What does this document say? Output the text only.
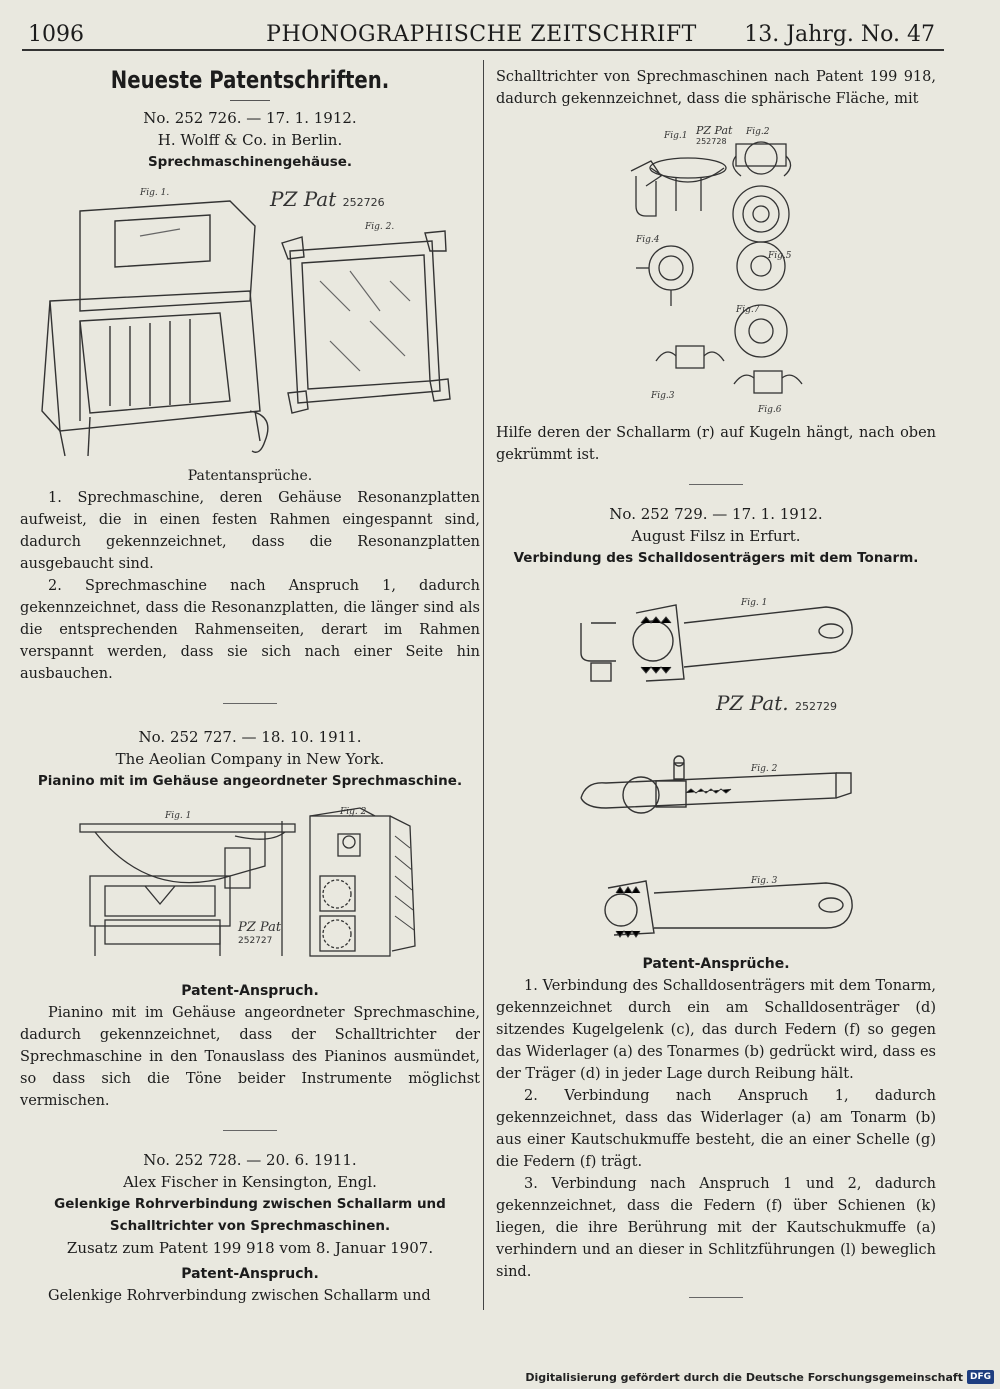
1096	PHONOGRAPHISCHE ZEITSCHRIFT	13. Jahrg. No. 47

Neueste Patentschriften.

No. 252 726. — 17. 1. 1912.

H. Wolff & Co. in Berlin.

Sprechmaschinengehäuse.

Fig. 1.
Fig. 2.
PZ Pat 252726

Patentansprüche.

1. Sprechmaschine, deren Gehäuse Resonanzplatten aufweist, die in einen festen Rahmen eingespannt sind, dadurch gekennzeichnet, dass die Resonanzplatten ausgebaucht sind.

2. Sprechmaschine nach Anspruch 1, dadurch gekennzeichnet, dass die Resonanzplatten, die länger sind als die entsprechenden Rahmenseiten, derart im Rahmen verspannt werden, dass sie sich nach einer Seite hin ausbauchen.

No. 252 727. — 18. 10. 1911.

The Aeolian Company in New York.

Pianino mit im Gehäuse angeordneter Sprechmaschine.

Fig. 1	Fig. 2
PZ Pat
252727

Patent-Anspruch.

Pianino mit im Gehäuse angeordneter Sprechmaschine, dadurch gekennzeichnet, dass der Schalltrichter der Sprechmaschine in den Tonauslass des Pianinos ausmündet, so dass sich die Töne beider Instrumente möglichst vermischen.

No. 252 728. — 20. 6. 1911.

Alex Fischer in Kensington, Engl.

Gelenkige Rohrverbindung zwischen Schallarm und Schalltrichter von Sprechmaschinen.

Zusatz zum Patent 199 918 vom 8. Januar 1907.

Patent-Anspruch.

Gelenkige Rohrverbindung zwischen Schallarm und

Schalltrichter von Sprechmaschinen nach Patent 199 918, dadurch gekennzeichnet, dass die sphärische Fläche, mit

Fig.1	Fig.2
Fig.4
Fig.5
Fig.7
Fig.3
Fig.6
PZ Pat
252728

Hilfe deren der Schallarm (r) auf Kugeln hängt, nach oben gekrümmt ist.

No. 252 729. — 17. 1. 1912.

August Filsz in Erfurt.

Verbindung des Schalldosenträgers mit dem Tonarm.

Fig. 1
Fig. 2
Fig. 3
PZ Pat. 252729

Patent-Ansprüche.

1. Verbindung des Schalldosenträgers mit dem Tonarm, gekennzeichnet durch ein am Schalldosenträger (d) sitzendes Kugelgelenk (c), das durch Federn (f) so gegen das Widerlager (a) des Tonarmes (b) gedrückt wird, dass es der Träger (d) in jeder Lage durch Reibung hält.

2. Verbindung nach Anspruch 1, dadurch gekennzeichnet, dass das Widerlager (a) am Tonarm (b) aus einer Kautschukmuffe besteht, die an einer Schelle (g) die Federn (f) trägt.

3. Verbindung nach Anspruch 1 und 2, dadurch gekennzeichnet, dass die Federn (f) über Schienen (k) liegen, die ihre Berührung mit der Kautschukmuffe (a) verhindern und an dieser in Schlitzführungen (l) beweglich sind.

Digitalisierung gefördert durch die Deutsche Forschungsgemeinschaft DFG
